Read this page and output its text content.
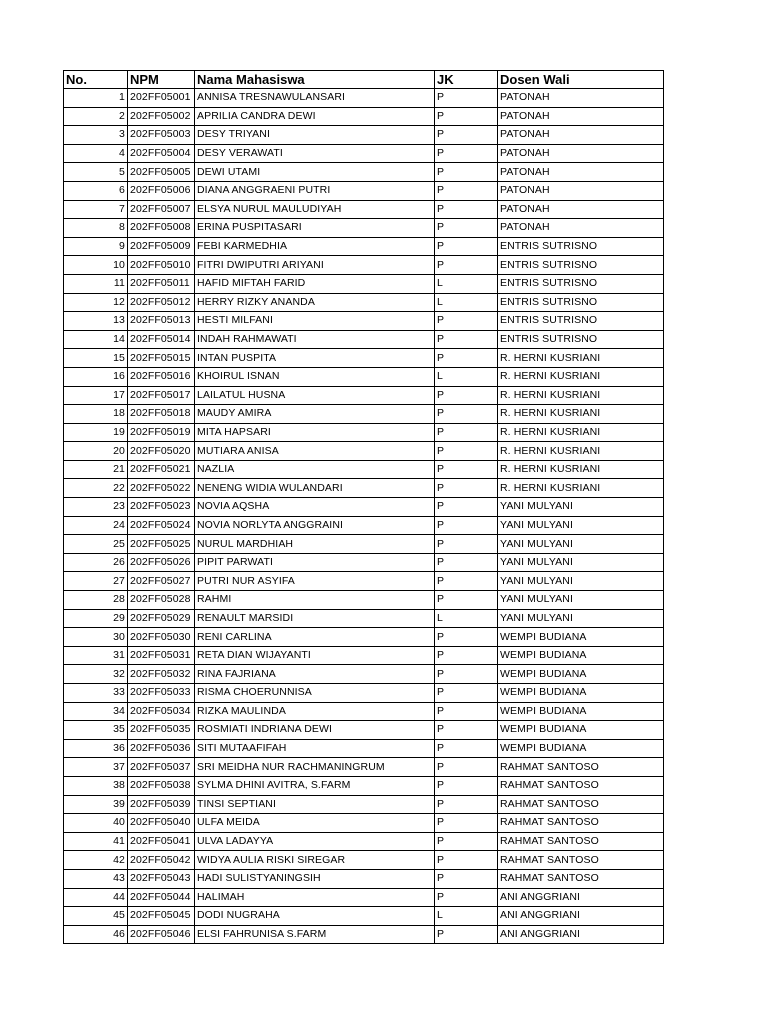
No.	NPM	Nama Mahasiswa	JK	Dosen Wali
1	202FF05001	ANNISA TRESNAWULANSARI	P	PATONAH
2	202FF05002	APRILIA CANDRA DEWI	P	PATONAH
3	202FF05003	DESY TRIYANI	P	PATONAH
4	202FF05004	DESY VERAWATI	P	PATONAH
5	202FF05005	DEWI UTAMI	P	PATONAH
6	202FF05006	DIANA ANGGRAENI PUTRI	P	PATONAH
7	202FF05007	ELSYA NURUL MAULUDIYAH	P	PATONAH
8	202FF05008	ERINA PUSPITASARI	P	PATONAH
9	202FF05009	FEBI KARMEDHIA	P	ENTRIS SUTRISNO
10	202FF05010	FITRI DWIPUTRI ARIYANI	P	ENTRIS SUTRISNO
11	202FF05011	HAFID MIFTAH FARID	L	ENTRIS SUTRISNO
12	202FF05012	HERRY RIZKY ANANDA	L	ENTRIS SUTRISNO
13	202FF05013	HESTI MILFANI	P	ENTRIS SUTRISNO
14	202FF05014	INDAH RAHMAWATI	P	ENTRIS SUTRISNO
15	202FF05015	INTAN PUSPITA	P	R. HERNI KUSRIANI
16	202FF05016	KHOIRUL ISNAN	L	R. HERNI KUSRIANI
17	202FF05017	LAILATUL HUSNA	P	R. HERNI KUSRIANI
18	202FF05018	MAUDY AMIRA	P	R. HERNI KUSRIANI
19	202FF05019	MITA HAPSARI	P	R. HERNI KUSRIANI
20	202FF05020	MUTIARA ANISA	P	R. HERNI KUSRIANI
21	202FF05021	NAZLIA	P	R. HERNI KUSRIANI
22	202FF05022	NENENG WIDIA WULANDARI	P	R. HERNI KUSRIANI
23	202FF05023	NOVIA AQSHA	P	YANI MULYANI
24	202FF05024	NOVIA NORLYTA ANGGRAINI	P	YANI MULYANI
25	202FF05025	NURUL MARDHIAH	P	YANI MULYANI
26	202FF05026	PIPIT PARWATI	P	YANI MULYANI
27	202FF05027	PUTRI NUR ASYIFA	P	YANI MULYANI
28	202FF05028	RAHMI	P	YANI MULYANI
29	202FF05029	RENAULT MARSIDI	L	YANI MULYANI
30	202FF05030	RENI CARLINA	P	WEMPI BUDIANA
31	202FF05031	RETA DIAN WIJAYANTI	P	WEMPI BUDIANA
32	202FF05032	RINA FAJRIANA	P	WEMPI BUDIANA
33	202FF05033	RISMA CHOERUNNISA	P	WEMPI BUDIANA
34	202FF05034	RIZKA MAULINDA	P	WEMPI BUDIANA
35	202FF05035	ROSMIATI INDRIANA DEWI	P	WEMPI BUDIANA
36	202FF05036	SITI MUTAAFIFAH	P	WEMPI BUDIANA
37	202FF05037	SRI MEIDHA NUR RACHMANINGRUM	P	RAHMAT SANTOSO
38	202FF05038	SYLMA DHINI AVITRA, S.FARM	P	RAHMAT SANTOSO
39	202FF05039	TINSI SEPTIANI	P	RAHMAT SANTOSO
40	202FF05040	ULFA MEIDA	P	RAHMAT SANTOSO
41	202FF05041	ULVA LADAYYA	P	RAHMAT SANTOSO
42	202FF05042	WIDYA AULIA RISKI SIREGAR	P	RAHMAT SANTOSO
43	202FF05043	HADI SULISTYANINGSIH	P	RAHMAT SANTOSO
44	202FF05044	HALIMAH	P	ANI ANGGRIANI
45	202FF05045	DODI NUGRAHA	L	ANI ANGGRIANI
46	202FF05046	ELSI FAHRUNISA S.FARM	P	ANI ANGGRIANI
